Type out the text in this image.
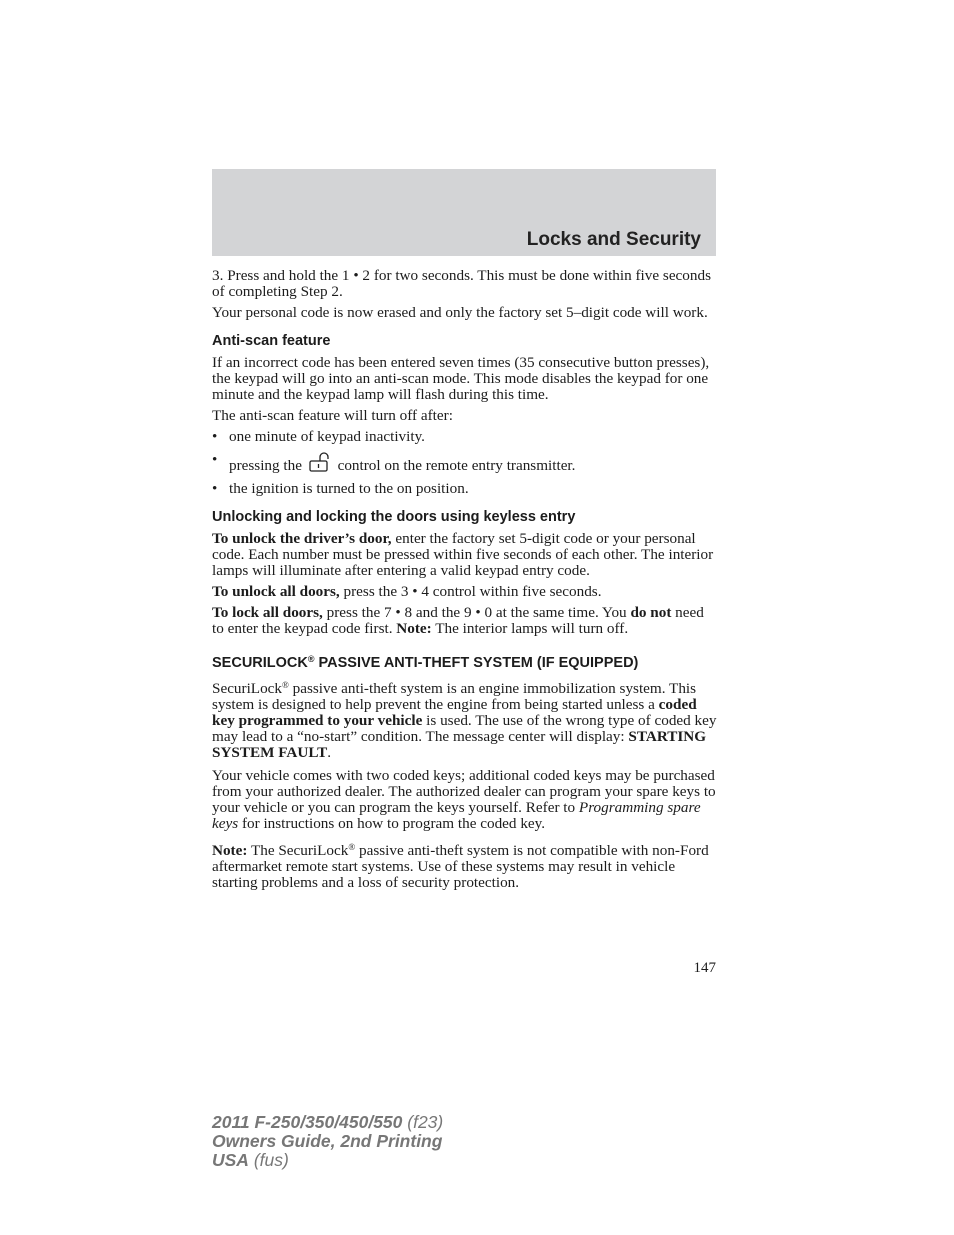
Locks and Security

3. Press and hold the 1 • 2 for two seconds. This must be done within five seconds of completing Step 2.

Your personal code is now erased and only the factory set 5–digit code will work.

Anti-scan feature

If an incorrect code has been entered seven times (35 consecutive button presses), the keypad will go into an anti-scan mode. This mode disables the keypad for one minute and the keypad lamp will flash during this time.

The anti-scan feature will turn off after:

• one minute of keypad inactivity.
• pressing the control on the remote entry transmitter.
• the ignition is turned to the on position.
Unlocking and locking the doors using keyless entry

To unlock the driver’s door, enter the factory set 5-digit code or your personal code. Each number must be pressed within five seconds of each other. The interior lamps will illuminate after entering a valid keypad entry code.

To unlock all doors, press the 3 • 4 control within five seconds.

To lock all doors, press the 7 • 8 and the 9 • 0 at the same time. You do not need to enter the keypad code first. Note: The interior lamps will turn off.

SECURILOCK® PASSIVE ANTI-THEFT SYSTEM (IF EQUIPPED)

SecuriLock® passive anti-theft system is an engine immobilization system. This system is designed to help prevent the engine from being started unless a coded key programmed to your vehicle is used. The use of the wrong type of coded key may lead to a “no-start” condition. The message center will display: STARTING SYSTEM FAULT.

Your vehicle comes with two coded keys; additional coded keys may be purchased from your authorized dealer. The authorized dealer can program your spare keys to your vehicle or you can program the keys yourself. Refer to Programming spare keys for instructions on how to program the coded key.

Note: The SecuriLock® passive anti-theft system is not compatible with non-Ford aftermarket remote start systems. Use of these systems may result in vehicle starting problems and a loss of security protection.

147
2011 F-250/350/450/550 (f23)
Owners Guide, 2nd Printing
USA (fus)
